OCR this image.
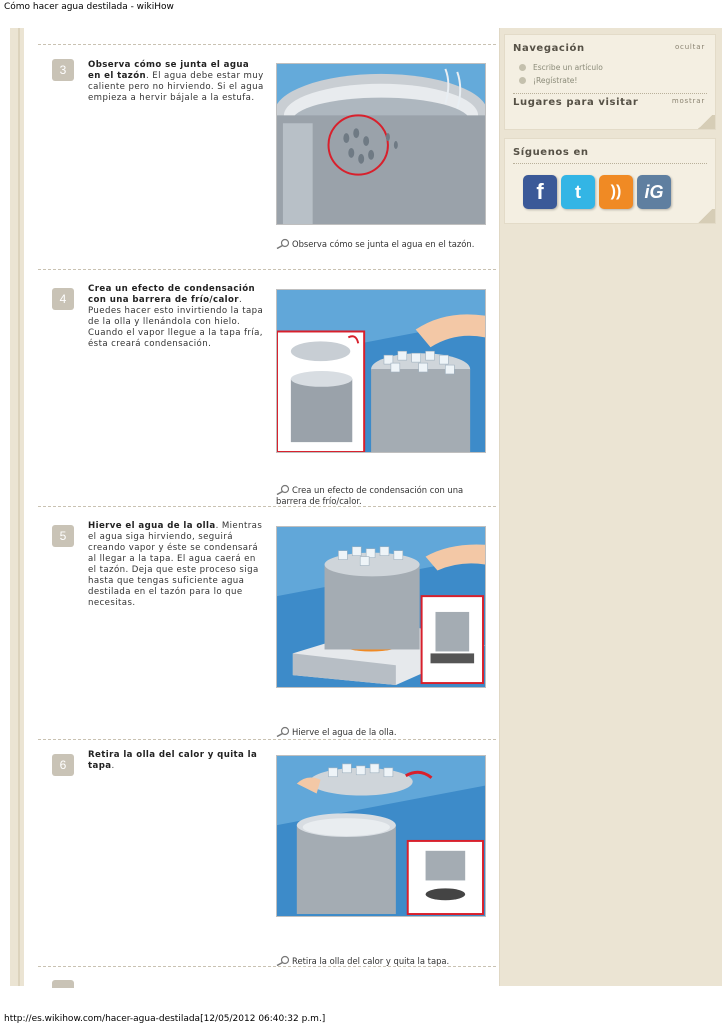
Cómo hacer agua destilada - wikiHow
3	Observa cómo se junta el agua en el tazón. El agua debe estar muy caliente pero no hirviendo. Si el agua empieza a hervir bájale a la estufa.
Observa cómo se junta el agua en el tazón.
4
Crea un efecto de condensación con una barrera de frío/calor. Puedes hacer esto invirtiendo la tapa de la olla y llenándola con hielo. Cuando el vapor llegue a la tapa fría, ésta creará condensación.
Crea un efecto de condensación con una barrera de frío/calor.
5
Hierve el agua de la olla. Mientras el agua siga hirviendo, seguirá creando vapor y éste se condensará al llegar a la tapa. El agua caerá en el tazón. Deja que este proceso siga hasta que tengas suficiente agua destilada en el tazón para lo que necesitas.
Hierve el agua de la olla.
6
Retira la olla del calor y quita la tapa.
Retira la olla del calor y quita la tapa.
Navegación	ocultar
Escribe un artículo
¡Regístrate!
Lugares para visitar	mostrar
Síguenos en
f	t	))	iG
http://es.wikihow.com/hacer-agua-destilada[12/05/2012 06:40:32 p.m.]
